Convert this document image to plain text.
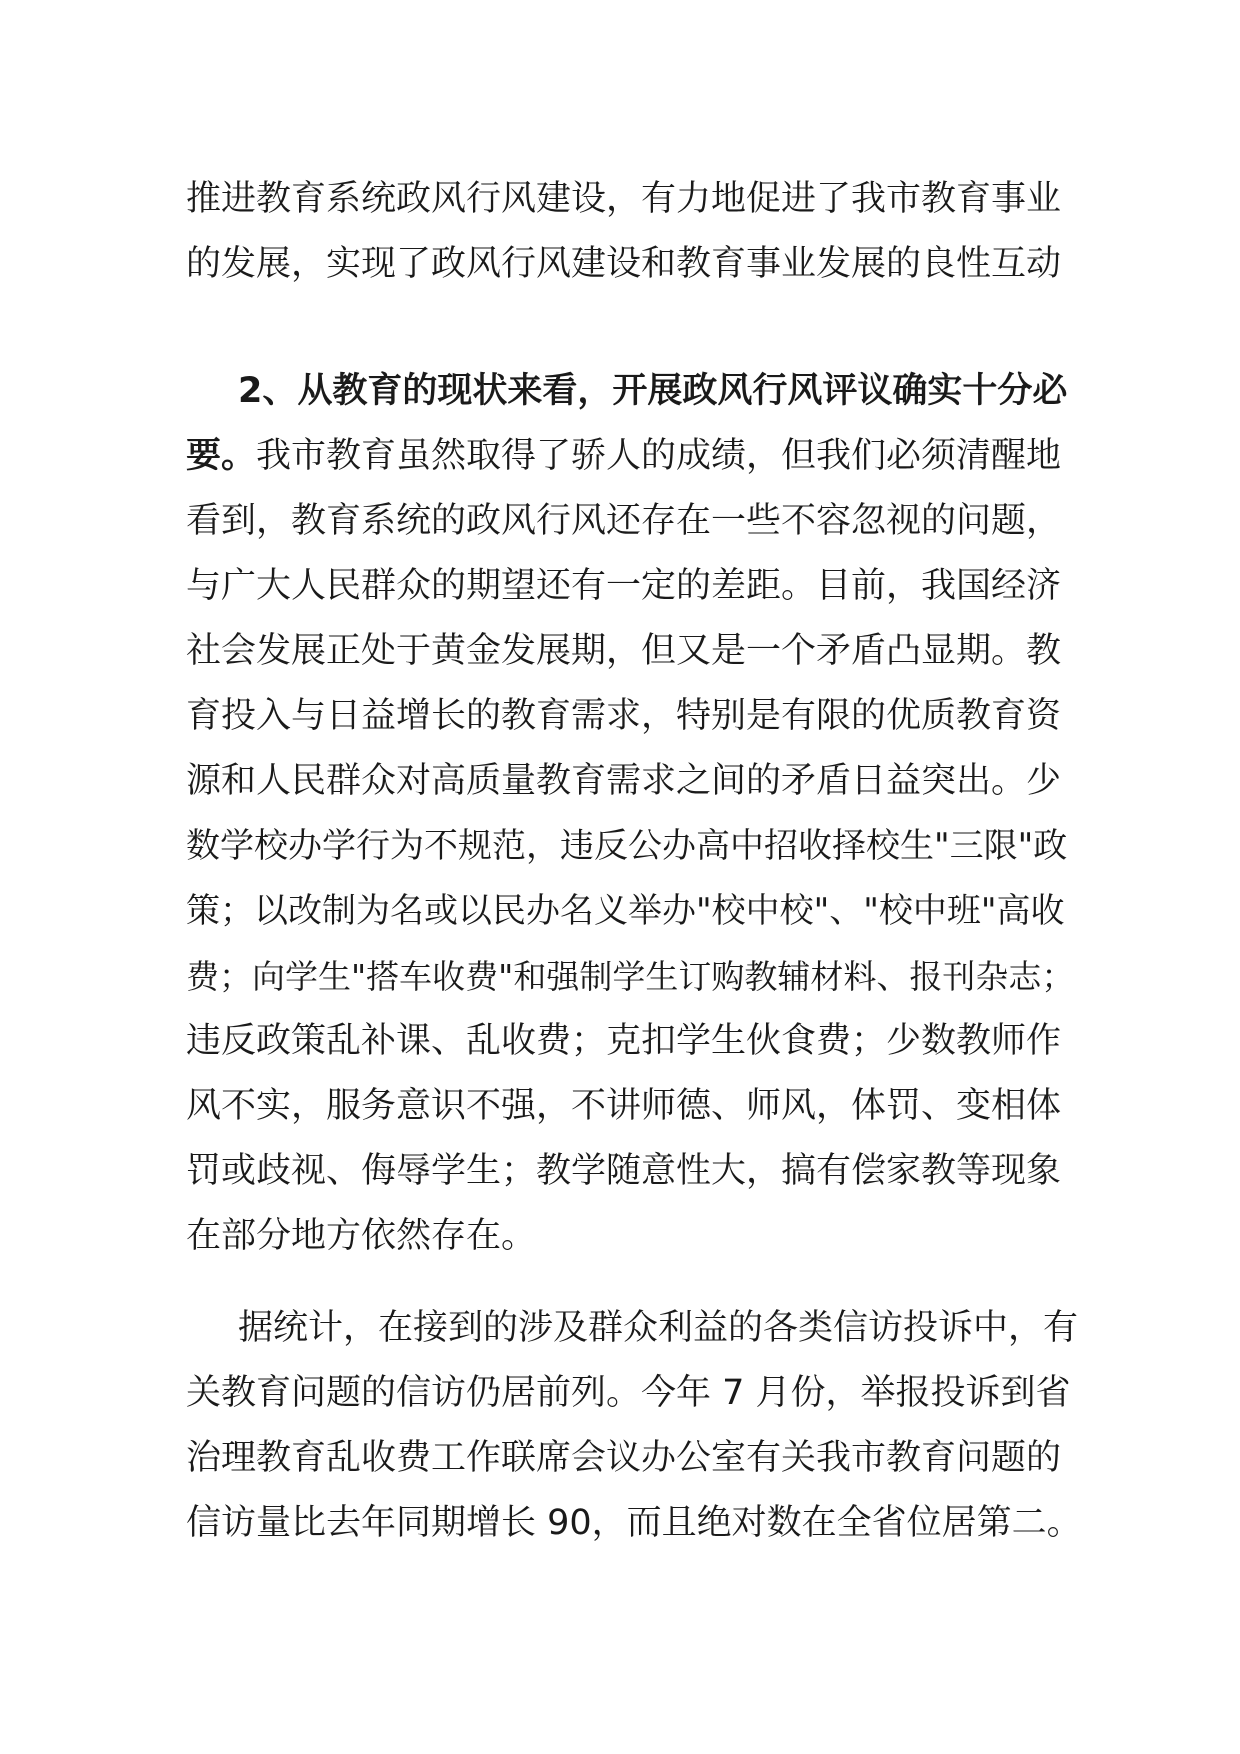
推进教育系统政风行风建设，有力地促进了我市教育事业
的发展，实现了政风行风建设和教育事业发展的良性互动
2、从教育的现状来看，开展政风行风评议确实十分必
要。我市教育虽然取得了骄人的成绩，但我们必须清醒地
看到，教育系统的政风行风还存在一些不容忽视的问题，
与广大人民群众的期望还有一定的差距。目前，我国经济
社会发展正处于黄金发展期，但又是一个矛盾凸显期。教
育投入与日益增长的教育需求，特别是有限的优质教育资
源和人民群众对高质量教育需求之间的矛盾日益突出。少
数学校办学行为不规范，违反公办高中招收择校生"三限"政
策；以改制为名或以民办名义举办"校中校"、"校中班"高收
费；向学生"搭车收费"和强制学生订购教辅材料、报刊杂志；
违反政策乱补课、乱收费；克扣学生伙食费；少数教师作
风不实，服务意识不强，不讲师德、师风，体罚、变相体
罚或歧视、侮辱学生；教学随意性大，搞有偿家教等现象
在部分地方依然存在。
据统计，在接到的涉及群众利益的各类信访投诉中，有
关教育问题的信访仍居前列。今年 7 月份，举报投诉到省
治理教育乱收费工作联席会议办公室有关我市教育问题的
信访量比去年同期增长 90，而且绝对数在全省位居第二。
